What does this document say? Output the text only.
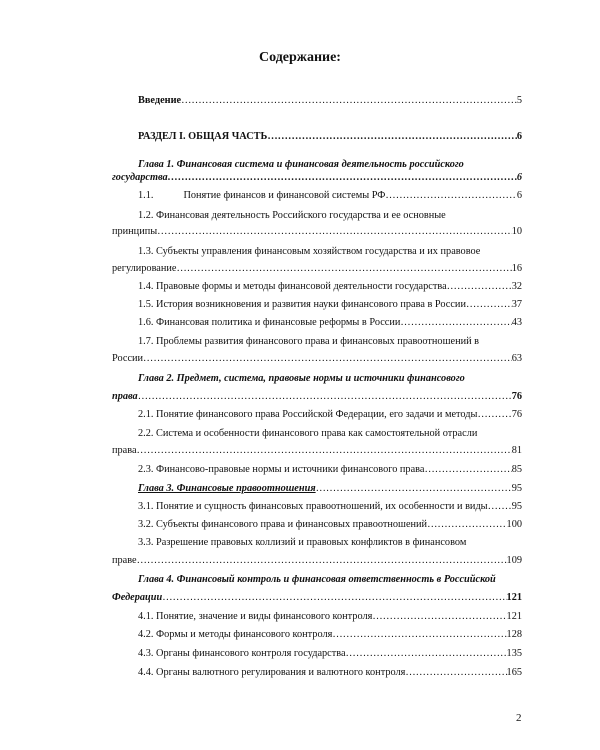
Содержание:
Введение …………………………………………………………………………………………………………………………………………………………………………………………………	5
РАЗДЕЛ I. ОБЩАЯ ЧАСТЬ …………………………………………………………………………………………………………………………………………………………………………………………………	6
Глава 1. Финансовая система и финансовая деятельность российского
государства …………………………………………………………………………………………………………………………………………………………………………………………………	6
1.1.	Понятие финансов и финансовой системы РФ …………………………………………………………………………………………………………………………………………………………………………………………………	6
1.2. Финансовая деятельность Российского государства и ее основные
принципы …………………………………………………………………………………………………………………………………………………………………………………………………	10
1.3. Субъекты управления финансовым хозяйством государства и их правовое
регулирование …………………………………………………………………………………………………………………………………………………………………………………………………	16
1.4. Правовые формы и методы финансовой деятельности государства …………………………………………………………………………………………………………………………………………………………………………………………………	32
1.5. История возникновения и развития науки финансового права в России …………………………………………………………………………………………………………………………………………………………………………………………………	37
1.6. Финансовая политика и финансовые реформы в России …………………………………………………………………………………………………………………………………………………………………………………………………	43
1.7. Проблемы развития финансового права и финансовых правоотношений в
России …………………………………………………………………………………………………………………………………………………………………………………………………	63
Глава 2. Предмет, система, правовые нормы и источники финансового
права …………………………………………………………………………………………………………………………………………………………………………………………………	76
2.1. Понятие финансового права Российской Федерации, его задачи и методы …………………………………………………………………………………………………………………………………………………………………………………………………	76
2.2. Система и особенности финансового права как самостоятельной отрасли
права …………………………………………………………………………………………………………………………………………………………………………………………………	81
2.3. Финансово-правовые нормы и источники финансового права …………………………………………………………………………………………………………………………………………………………………………………………………	85
Глава 3. Финансовые правоотношения …………………………………………………………………………………………………………………………………………………………………………………………………	95
3.1. Понятие и сущность финансовых правоотношений, их особенности и виды ………………………………………………………………………………………………………………………………………………………………………………………………… 95
3.2. Субъекты финансового права и финансовых правоотношений …………………………………………………………………………………………………………………………………………………………………………………………………	100
3.3. Разрешение правовых коллизий и правовых конфликтов в финансовом
праве …………………………………………………………………………………………………………………………………………………………………………………………………	109
Глава 4. Финансовый контроль и финансовая ответственность в Российской
Федерации …………………………………………………………………………………………………………………………………………………………………………………………………	121
4.1. Понятие, значение и виды финансового контроля …………………………………………………………………………………………………………………………………………………………………………………………………	121
4.2. Формы и методы финансового контроля …………………………………………………………………………………………………………………………………………………………………………………………………	128
4.3. Органы финансового контроля государства …………………………………………………………………………………………………………………………………………………………………………………………………	135
4.4. Органы валютного регулирования и валютного контроля …………………………………………………………………………………………………………………………………………………………………………………………………	165
2
